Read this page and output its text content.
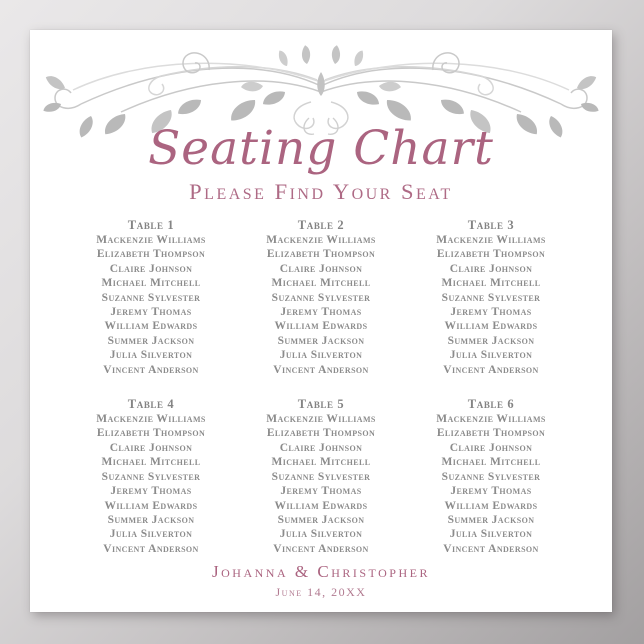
Seating Chart
Please Find Your Seat
Table 1
Mackenzie Williams
Elizabeth Thompson
Claire Johnson
Michael Mitchell
Suzanne Sylvester
Jeremy Thomas
William Edwards
Summer Jackson
Julia Silverton
Vincent Anderson
Table 2
Mackenzie Williams
Elizabeth Thompson
Claire Johnson
Michael Mitchell
Suzanne Sylvester
Jeremy Thomas
William Edwards
Summer Jackson
Julia Silverton
Vincent Anderson
Table 3
Mackenzie Williams
Elizabeth Thompson
Claire Johnson
Michael Mitchell
Suzanne Sylvester
Jeremy Thomas
William Edwards
Summer Jackson
Julia Silverton
Vincent Anderson
Table 4
Mackenzie Williams
Elizabeth Thompson
Claire Johnson
Michael Mitchell
Suzanne Sylvester
Jeremy Thomas
William Edwards
Summer Jackson
Julia Silverton
Vincent Anderson
Table 5
Mackenzie Williams
Elizabeth Thompson
Claire Johnson
Michael Mitchell
Suzanne Sylvester
Jeremy Thomas
William Edwards
Summer Jackson
Julia Silverton
Vincent Anderson
Table 6
Mackenzie Williams
Elizabeth Thompson
Claire Johnson
Michael Mitchell
Suzanne Sylvester
Jeremy Thomas
William Edwards
Summer Jackson
Julia Silverton
Vincent Anderson
Johanna & Christopher
June 14, 20XX
